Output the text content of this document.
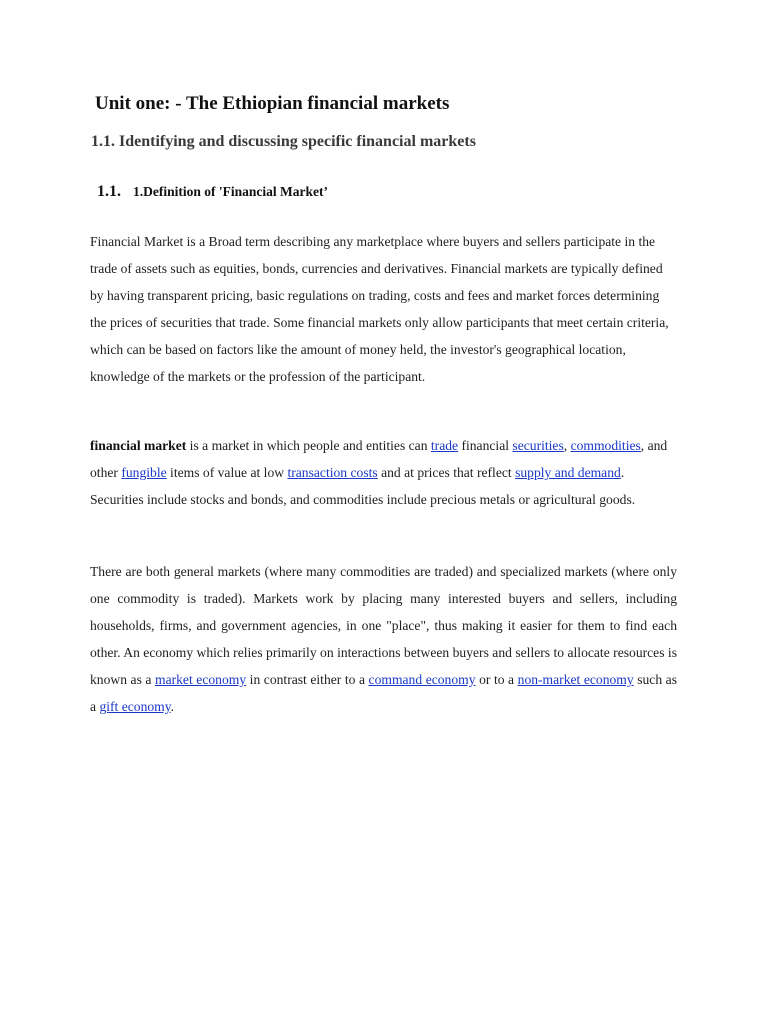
Unit one: - The Ethiopian financial markets
1.1. Identifying and discussing specific financial markets
1.1. 1.Definition of 'Financial Market’
Financial Market is a Broad term describing any marketplace where buyers and sellers participate in the trade of assets such as equities, bonds, currencies and derivatives. Financial markets are typically defined by having transparent pricing, basic regulations on trading, costs and fees and market forces determining the prices of securities that trade. Some financial markets only allow participants that meet certain criteria, which can be based on factors like the amount of money held, the investor's geographical location, knowledge of the markets or the profession of the participant.
financial market is a market in which people and entities can trade financial securities, commodities, and other fungible items of value at low transaction costs and at prices that reflect supply and demand. Securities include stocks and bonds, and commodities include precious metals or agricultural goods.
There are both general markets (where many commodities are traded) and specialized markets (where only one commodity is traded). Markets work by placing many interested buyers and sellers, including households, firms, and government agencies, in one "place", thus making it easier for them to find each other. An economy which relies primarily on interactions between buyers and sellers to allocate resources is known as a market economy in contrast either to a command economy or to a non-market economy such as a gift economy.
